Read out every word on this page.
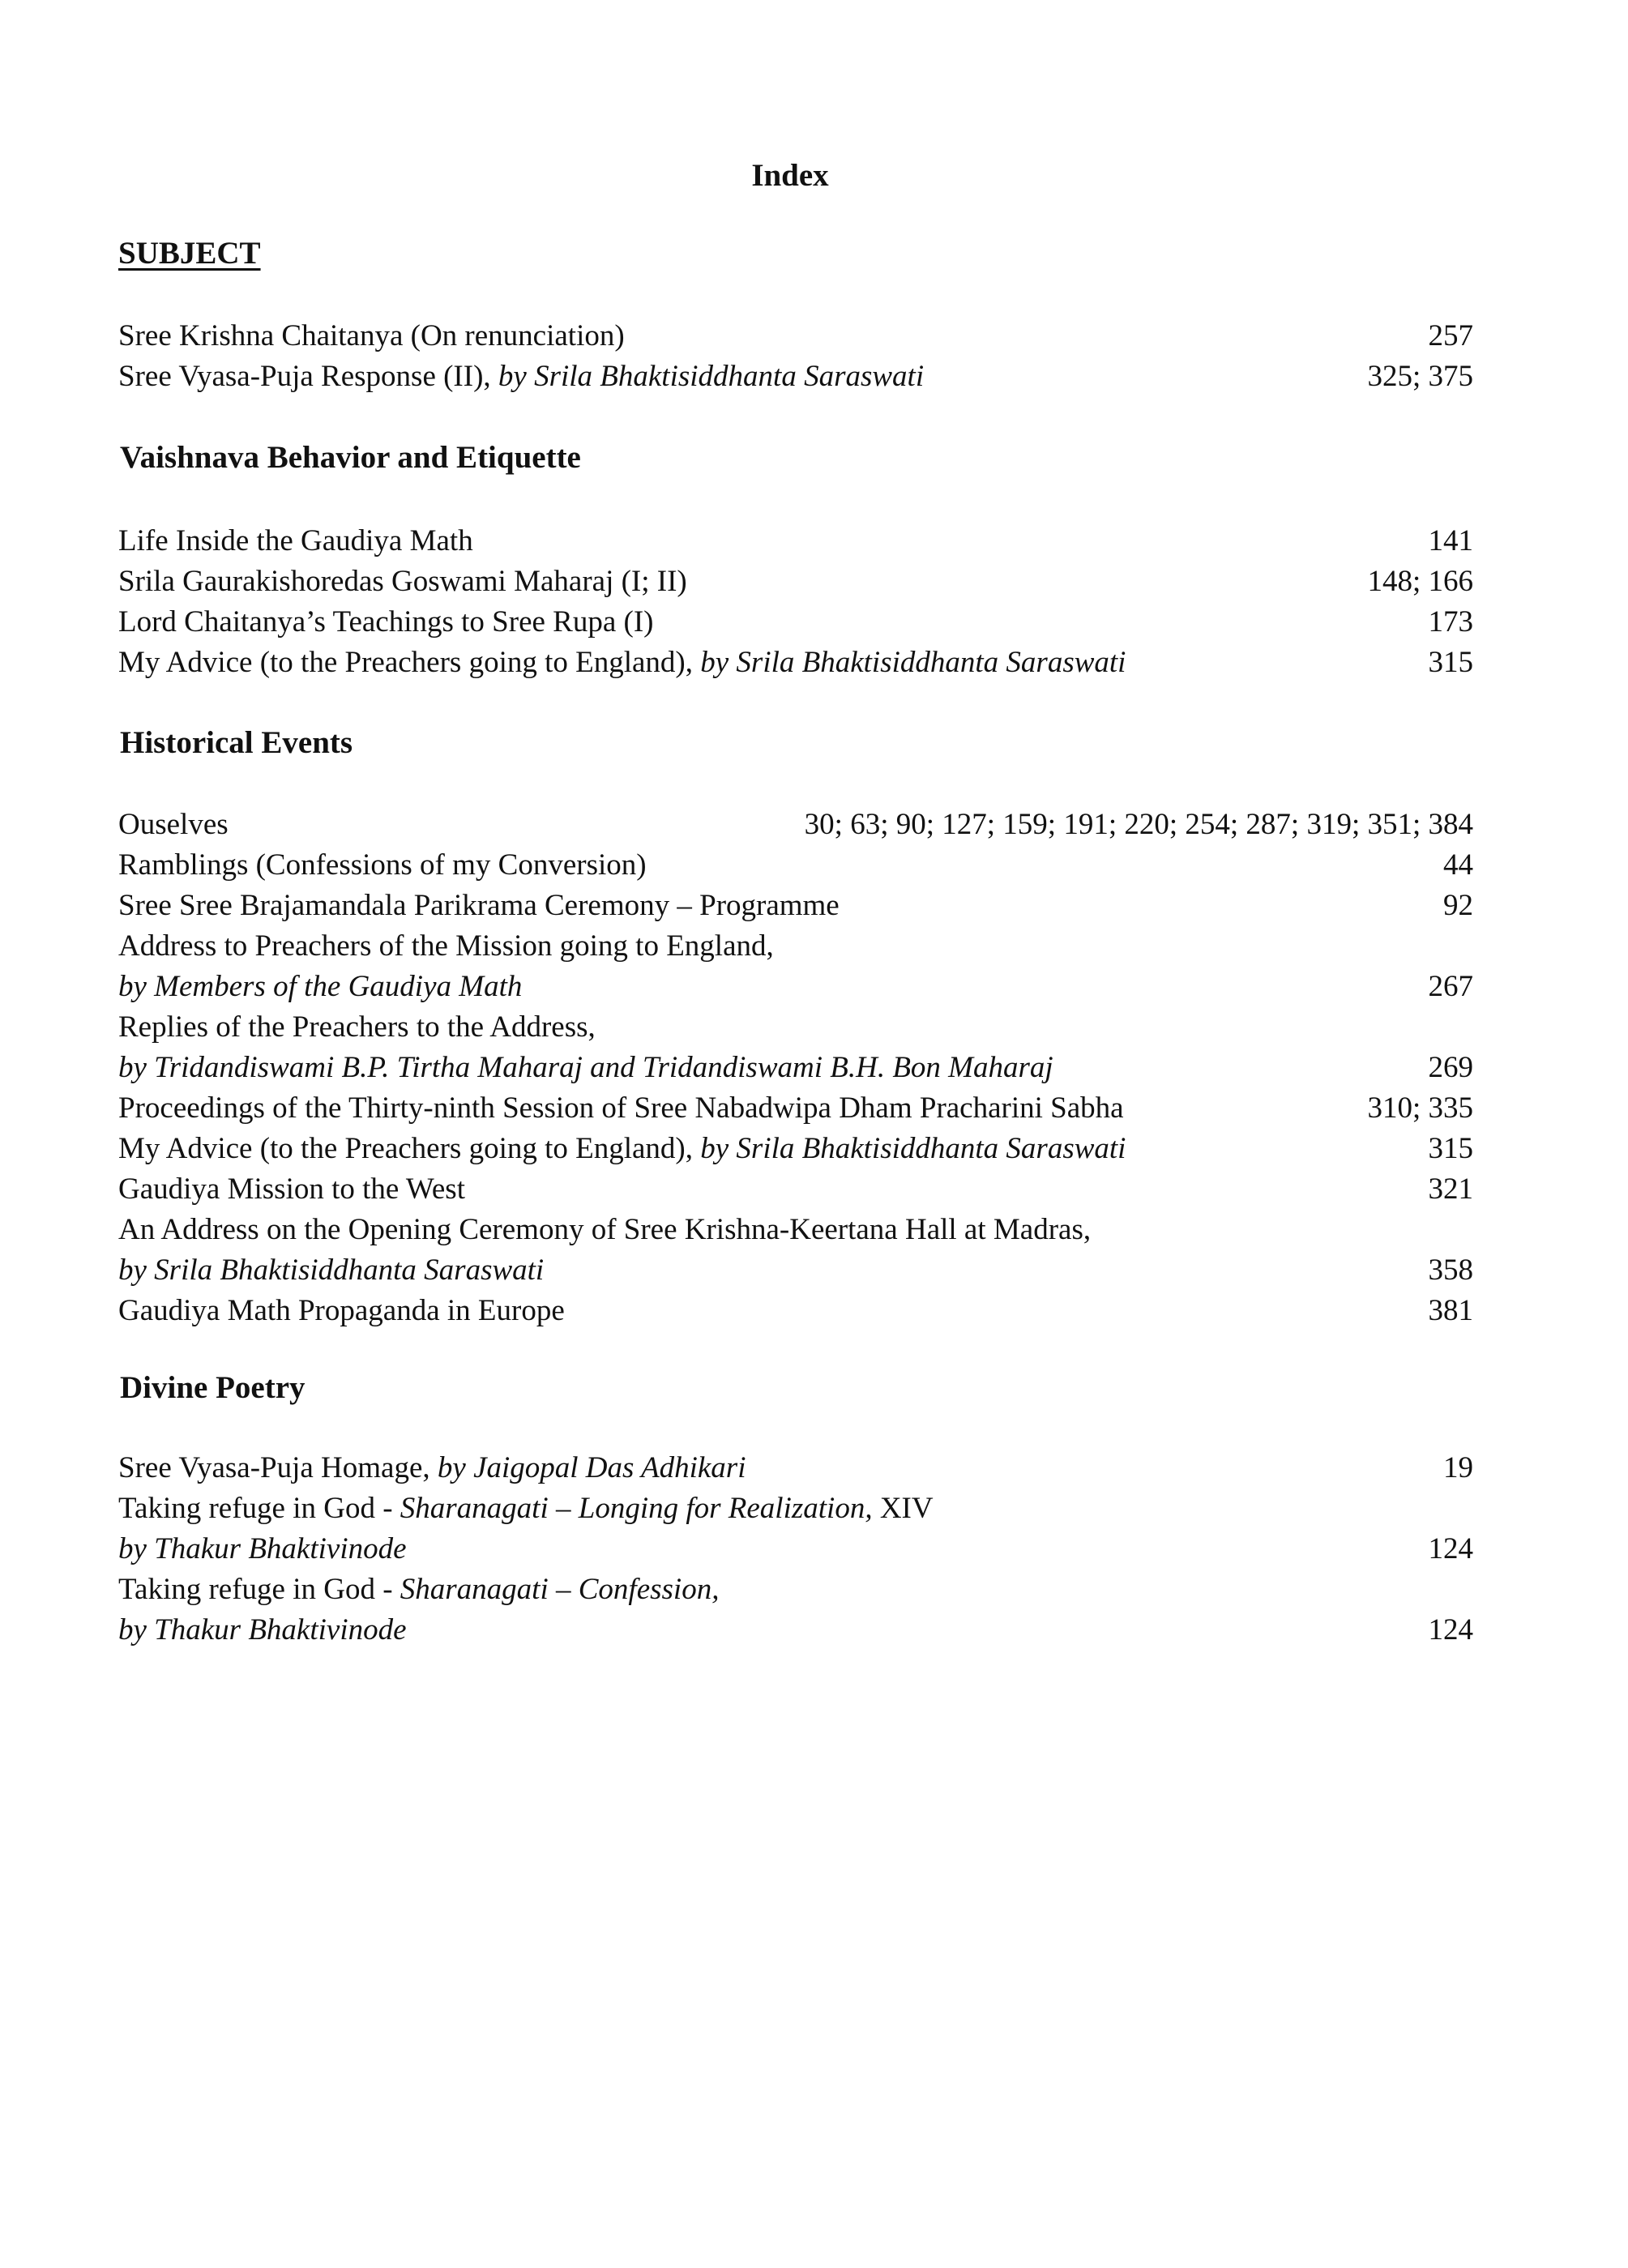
Index
SUBJECT
Sree Krishna Chaitanya (On renunciation)	257
Sree Vyasa-Puja Response (II), by Srila Bhaktisiddhanta Saraswati	325; 375
Vaishnava Behavior and Etiquette
Life Inside the Gaudiya Math	141
Srila Gaurakishoredas Goswami Maharaj (I; II)	148; 166
Lord Chaitanya’s Teachings to Sree Rupa (I)	173
My Advice (to the Preachers going to England), by Srila Bhaktisiddhanta Saraswati	315
Historical Events
Ouselves	30; 63; 90; 127; 159; 191; 220; 254; 287; 319; 351; 384
Ramblings (Confessions of my Conversion)	44
Sree Sree Brajamandala Parikrama Ceremony – Programme	92
Address to Preachers of the Mission going to England,
by Members of the Gaudiya Math	267
Replies of the Preachers to the Address,
by Tridandiswami B.P. Tirtha Maharaj and Tridandiswami B.H. Bon Maharaj	269
Proceedings of the Thirty-ninth Session of Sree Nabadwipa Dham Pracharini Sabha	310; 335
My Advice (to the Preachers going to England), by Srila Bhaktisiddhanta Saraswati	315
Gaudiya Mission to the West	321
An Address on the Opening Ceremony of Sree Krishna-Keertana Hall at Madras,
by Srila Bhaktisiddhanta Saraswati	358
Gaudiya Math Propaganda in Europe	381
Divine Poetry
Sree Vyasa-Puja Homage, by Jaigopal Das Adhikari	19
Taking refuge in God - Sharanagati – Longing for Realization, XIV
by Thakur Bhaktivinode	124
Taking refuge in God - Sharanagati – Confession,
by Thakur Bhaktivinode	124
